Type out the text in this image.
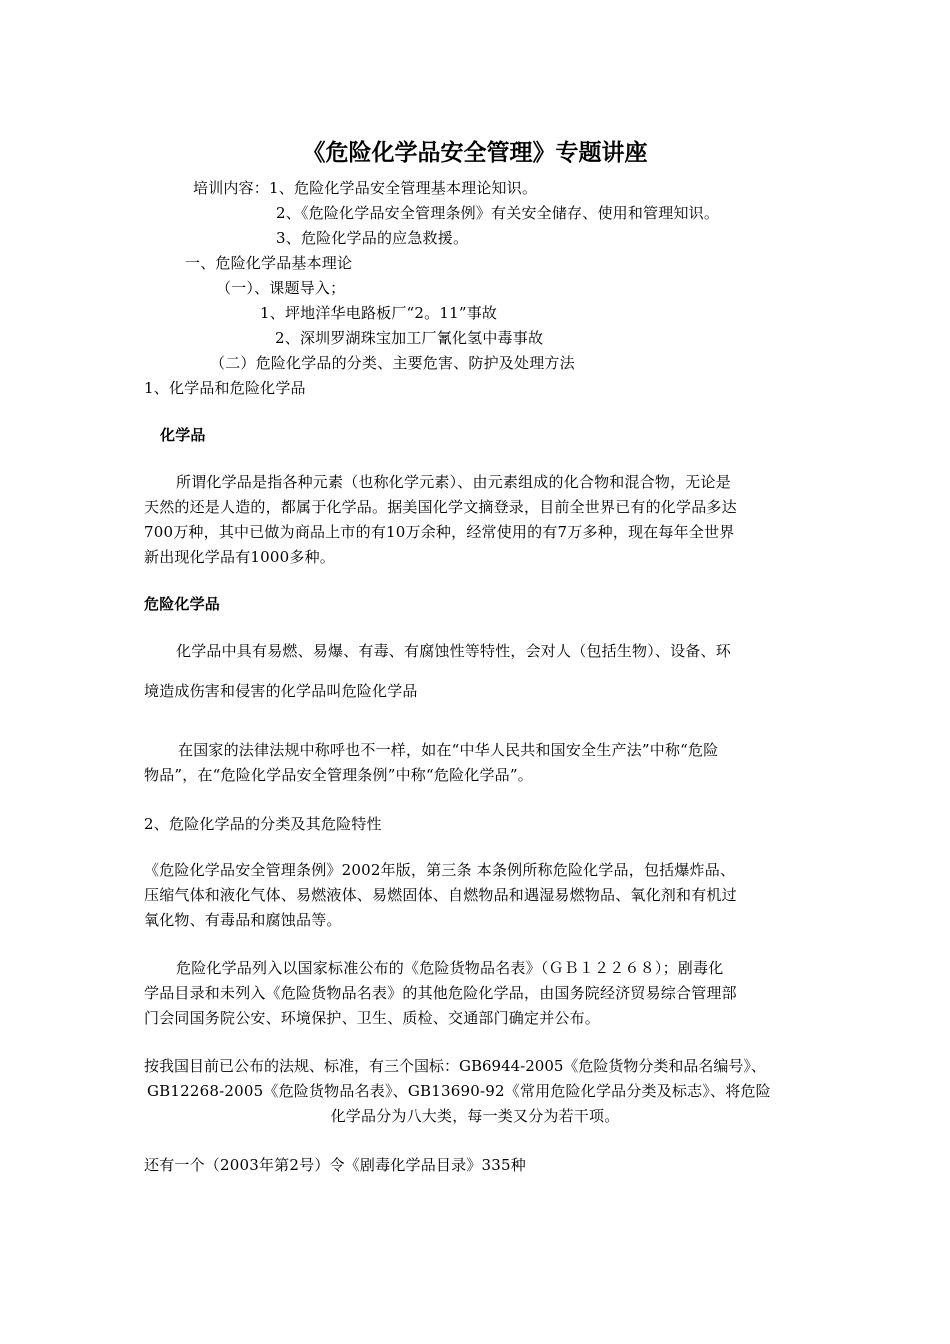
《危险化学品安全管理》专题讲座
培训内容：1、危险化学品安全管理基本理论知识。
2、《危险化学品安全管理条例》有关安全储存、使用和管理知识。
3、危险化学品的应急救援。
一、危险化学品基本理论
（一）、课题导入；
1、坪地洋华电路板厂“2。11”事故
2、深圳罗湖珠宝加工厂氰化氢中毒事故
（二）危险化学品的分类、主要危害、防护及处理方法
1、化学品和危险化学品
化学品
所谓化学品是指各种元素（也称化学元素）、由元素组成的化合物和混合物，无论是
天然的还是人造的，都属于化学品。据美国化学文摘登录，目前全世界已有的化学品多达
700万种，其中已做为商品上市的有10万余种，经常使用的有7万多种，现在每年全世界
新出现化学品有1000多种。
危险化学品
化学品中具有易燃、易爆、有毒、有腐蚀性等特性，会对人（包括生物）、设备、环
境造成伤害和侵害的化学品叫危险化学品
在国家的法律法规中称呼也不一样，如在“中华人民共和国安全生产法”中称“危险
物品”，在“危险化学品安全管理条例”中称“危险化学品”。
2、危险化学品的分类及其危险特性
《危险化学品安全管理条例》2002年版，第三条 本条例所称危险化学品，包括爆炸品、
压缩气体和液化气体、易燃液体、易燃固体、自燃物品和遇湿易燃物品、氧化剂和有机过
氧化物、有毒品和腐蚀品等。
危险化学品列入以国家标准公布的《危险货物品名表》（ＧＢ１２２６８）；剧毒化
学品目录和未列入《危险货物品名表》的其他危险化学品，由国务院经济贸易综合管理部
门会同国务院公安、环境保护、卫生、质检、交通部门确定并公布。
按我国目前已公布的法规、标准，有三个国标：GB6944-2005《危险货物分类和品名编号》、
GB12268-2005《危险货物品名表》、GB13690-92《常用危险化学品分类及标志》、将危险
化学品分为八大类，每一类又分为若干项。
还有一个（2003年第2号）令《剧毒化学品目录》335种
